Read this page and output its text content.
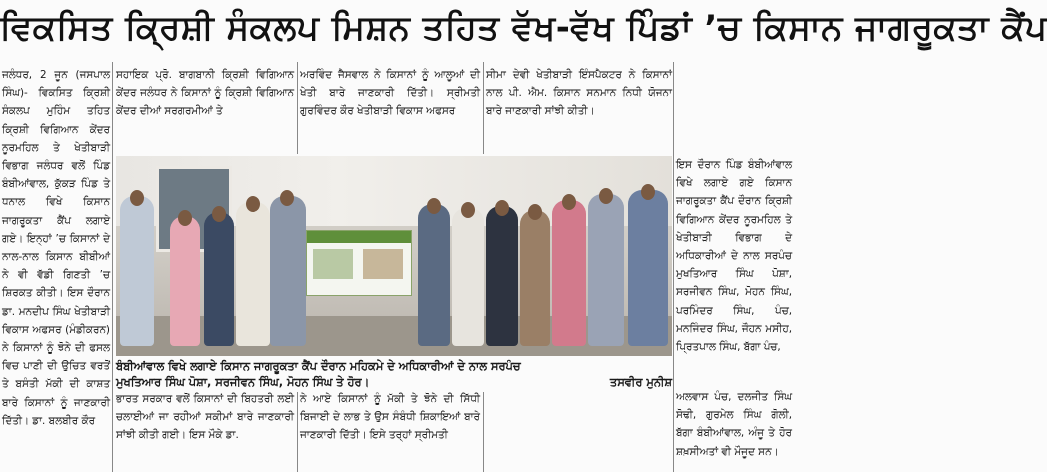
ਵਿਕਸਿਤ ਕ੍ਰਿਸ਼ੀ ਸੰਕਲਪ ਮਿਸ਼ਨ ਤਹਿਤ ਵੱਖ-ਵੱਖ ਪਿੰਡਾਂ ’ਚ ਕਿਸਾਨ ਜਾਗਰੂਕਤਾ ਕੈਂਪ

ਜਲੰਧਰ, 2 ਜੂਨ (ਜਸਪਾਲ ਸਿੰਘ)- ਵਿਕਸਿਤ ਕ੍ਰਿਸ਼ੀ ਸੰਕਲਪ ਮੁਹਿੰਮ ਤਹਿਤ ਕ੍ਰਿਸ਼ੀ ਵਿਗਿਆਨ ਕੇਂਦਰ ਨੂਰਮਹਿਲ ਤੇ ਖੇਤੀਬਾੜੀ ਵਿਭਾਗ ਜਲੰਧਰ ਵਲੋਂ ਪਿੰਡ ਬੰਬੀਆਂਵਾਲ, ਕੁੱਕੜ ਪਿੰਡ ਤੇ ਧਨਾਲ ਵਿਖੇ ਕਿਸਾਨ ਜਾਗਰੂਕਤਾ ਕੈਂਪ ਲਗਾਏ ਗਏ। ਇਨ੍ਹਾਂ ’ਚ ਕਿਸਾਨਾਂ ਦੇ ਨਾਲ-ਨਾਲ ਕਿਸਾਨ ਬੀਬੀਆਂ ਨੇ ਵੀ ਵੱਡੀ ਗਿਣਤੀ ’ਚ ਸ਼ਿਰਕਤ ਕੀਤੀ। ਇਸ ਦੌਰਾਨ ਡਾ. ਮਨਦੀਪ ਸਿੰਘ ਖੇਤੀਬਾੜੀ ਵਿਕਾਸ ਅਫਸਰ (ਮੰਡੀਕਰਨ) ਨੇ ਕਿਸਾਨਾਂ ਨੂੰ ਝੋਨੇ ਦੀ ਫਸਲ ਵਿਚ ਪਾਣੀ ਦੀ ਉਚਿਤ ਵਰਤੋਂ ਤੇ ਬਸੰਤੀ ਮੱਕੀ ਦੀ ਕਾਸ਼ਤ ਬਾਰੇ ਕਿਸਾਨਾਂ ਨੂੰ ਜਾਣਕਾਰੀ ਦਿੱਤੀ। ਡਾ. ਬਲਬੀਰ ਕੌਰ

ਸਹਾਇਕ ਪ੍ਰੋ. ਬਾਗਬਾਨੀ ਕ੍ਰਿਸ਼ੀ ਵਿਗਿਆਨ ਕੇਂਦਰ ਜਲੰਧਰ ਨੇ ਕਿਸਾਨਾਂ ਨੂੰ ਕ੍ਰਿਸ਼ੀ ਵਿਗਿਆਨ ਕੇਂਦਰ ਦੀਆਂ ਸਰਗਰਮੀਆਂ ਤੇ

ਅਰਵਿੰਦ ਜੈਸਵਾਲ ਨੇ ਕਿਸਾਨਾਂ ਨੂੰ ਆਲੂਆਂ ਦੀ ਖੇਤੀ ਬਾਰੇ ਜਾਣਕਾਰੀ ਦਿੱਤੀ। ਸ੍ਰੀਮਤੀ ਗੁਰਵਿੰਦਰ ਕੌਰ ਖੇਤੀਬਾੜੀ ਵਿਕਾਸ ਅਫਸਰ

ਸੀਮਾ ਦੇਵੀ ਖੇਤੀਬਾੜੀ ਇੰਸਪੈਕਟਰ ਨੇ ਕਿਸਾਨਾਂ ਨਾਲ ਪੀ. ਐਮ. ਕਿਸਾਨ ਸਨਮਾਨ ਨਿਧੀ ਯੋਜਨਾ ਬਾਰੇ ਜਾਣਕਾਰੀ ਸਾਂਝੀ ਕੀਤੀ।

ਇਸ ਦੌਰਾਨ ਪਿੰਡ ਬੰਬੀਆਂਵਾਲ ਵਿਖੇ ਲਗਾਏ ਗਏ ਕਿਸਾਨ ਜਾਗਰੂਕਤਾ ਕੈਂਪ ਦੌਰਾਨ ਕ੍ਰਿਸ਼ੀ ਵਿਗਿਆਨ ਕੇਂਦਰ ਨੂਰਮਹਿਲ ਤੇ ਖੇਤੀਬਾੜੀ ਵਿਭਾਗ ਦੇ ਅਧਿਕਾਰੀਆਂ ਦੇ ਨਾਲ ਸਰਪੰਚ ਮੁਖਤਿਆਰ ਸਿੰਘ ਪੋਸ਼ਾ, ਸਰਜੀਵਨ ਸਿੰਘ, ਮੋਹਨ ਸਿੰਘ, ਪਰਮਿੰਦਰ ਸਿੰਘ, ਪੰਚ, ਮਨਜਿੰਦਰ ਸਿੰਘ, ਜੌਹਨ ਮਸੀਹ, ਪ੍ਰਿਤਪਾਲ ਸਿੰਘ, ਬੱਗਾ ਪੰਚ,

ਅਲਵਾਸ ਪੰਚ, ਦਲਜੀਤ ਸਿੰਘ ਸੋਢੀ, ਗੁਰਮੇਲ ਸਿੰਘ ਗੋਲੀ, ਬੱਗਾ ਬੰਬੀਆਂਵਾਲ, ਅੰਜੂ ਤੇ ਹੋਰ ਸ਼ਖ਼ਸੀਅਤਾਂ ਵੀ ਮੌਜੂਦ ਸਨ।

ਭਾਰਤ ਸਰਕਾਰ ਵਲੋਂ ਕਿਸਾਨਾਂ ਦੀ ਬਿਹਤਰੀ ਲਈ ਚਲਾਈਆਂ ਜਾ ਰਹੀਆਂ ਸਕੀਮਾਂ ਬਾਰੇ ਜਾਣਕਾਰੀ ਸਾਂਝੀ ਕੀਤੀ ਗਈ। ਇਸ ਮੌਕੇ ਡਾ.

ਨੇ ਆਏ ਕਿਸਾਨਾਂ ਨੂੰ ਮੱਕੀ ਤੇ ਝੋਨੇ ਦੀ ਸਿੱਧੀ ਬਿਜਾਈ ਦੇ ਲਾਭ ਤੇ ਉਸ ਸੰਬੰਧੀ ਸ਼ਿਕਾਇਆਂ ਬਾਰੇ ਜਾਣਕਾਰੀ ਦਿੱਤੀ। ਇਸੇ ਤਰ੍ਹਾਂ ਸ੍ਰੀਮਤੀ

ਬੰਬੀਆਂਵਾਲ ਵਿਖੇ ਲਗਾਏ ਕਿਸਾਨ ਜਾਗਰੂਕਤਾ ਕੈਂਪ ਦੌਰਾਨ ਮਹਿਕਮੇ ਦੇ ਅਧਿਕਾਰੀਆਂ ਦੇ ਨਾਲ ਸਰਪੰਚ
ਮੁਖਤਿਆਰ ਸਿੰਘ ਪੋਸ਼ਾ, ਸਰਜੀਵਨ ਸਿੰਘ, ਮੋਹਨ ਸਿੰਘ ਤੇ ਹੋਰ।	ਤਸਵੀਰ ਮੁਨੀਸ਼
